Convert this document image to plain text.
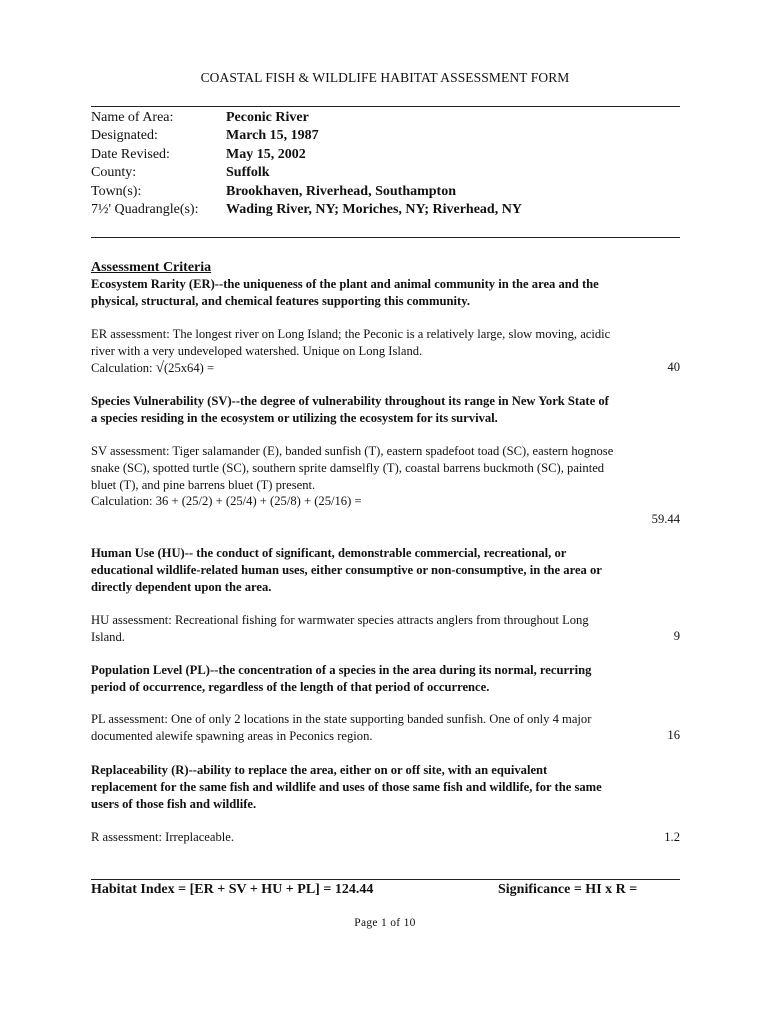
COASTAL FISH & WILDLIFE HABITAT ASSESSMENT FORM
Name of Area:	Peconic River
Designated:	March 15, 1987
Date Revised:	May 15, 2002
County:	Suffolk
Town(s):	Brookhaven, Riverhead, Southampton
7½' Quadrangle(s): Wading River, NY; Moriches, NY; Riverhead, NY
Assessment Criteria
Ecosystem Rarity (ER)--the uniqueness of the plant and animal community in the area and the physical, structural, and chemical features supporting this community.
ER assessment: The longest river on Long Island; the Peconic is a relatively large, slow moving, acidic river with a very undeveloped watershed. Unique on Long Island.
Calculation: √(25x64) =	40
Species Vulnerability (SV)--the degree of vulnerability throughout its range in New York State of a species residing in the ecosystem or utilizing the ecosystem for its survival.
SV assessment: Tiger salamander (E), banded sunfish (T), eastern spadefoot toad (SC), eastern hognose snake (SC), spotted turtle (SC), southern sprite damselfly (T), coastal barrens buckmoth (SC), painted bluet (T), and pine barrens bluet (T) present.
Calculation: 36 + (25/2) + (25/4) + (25/8) + (25/16) =
59.44
Human Use (HU)-- the conduct of significant, demonstrable commercial, recreational, or educational wildlife-related human uses, either consumptive or non-consumptive, in the area or directly dependent upon the area.
HU assessment: Recreational fishing for warmwater species attracts anglers from throughout Long Island.	9
Population Level (PL)--the concentration of a species in the area during its normal, recurring period of occurrence, regardless of the length of that period of occurrence.
PL assessment: One of only 2 locations in the state supporting banded sunfish. One of only 4 major documented alewife spawning areas in Peconics region.	16
Replaceability (R)--ability to replace the area, either on or off site, with an equivalent replacement for the same fish and wildlife and uses of those same fish and wildlife, for the same users of those fish and wildlife.
R assessment: Irreplaceable.	1.2
Habitat Index = [ER + SV + HU + PL] = 124.44	Significance = HI x R =
Page 1 of 10
